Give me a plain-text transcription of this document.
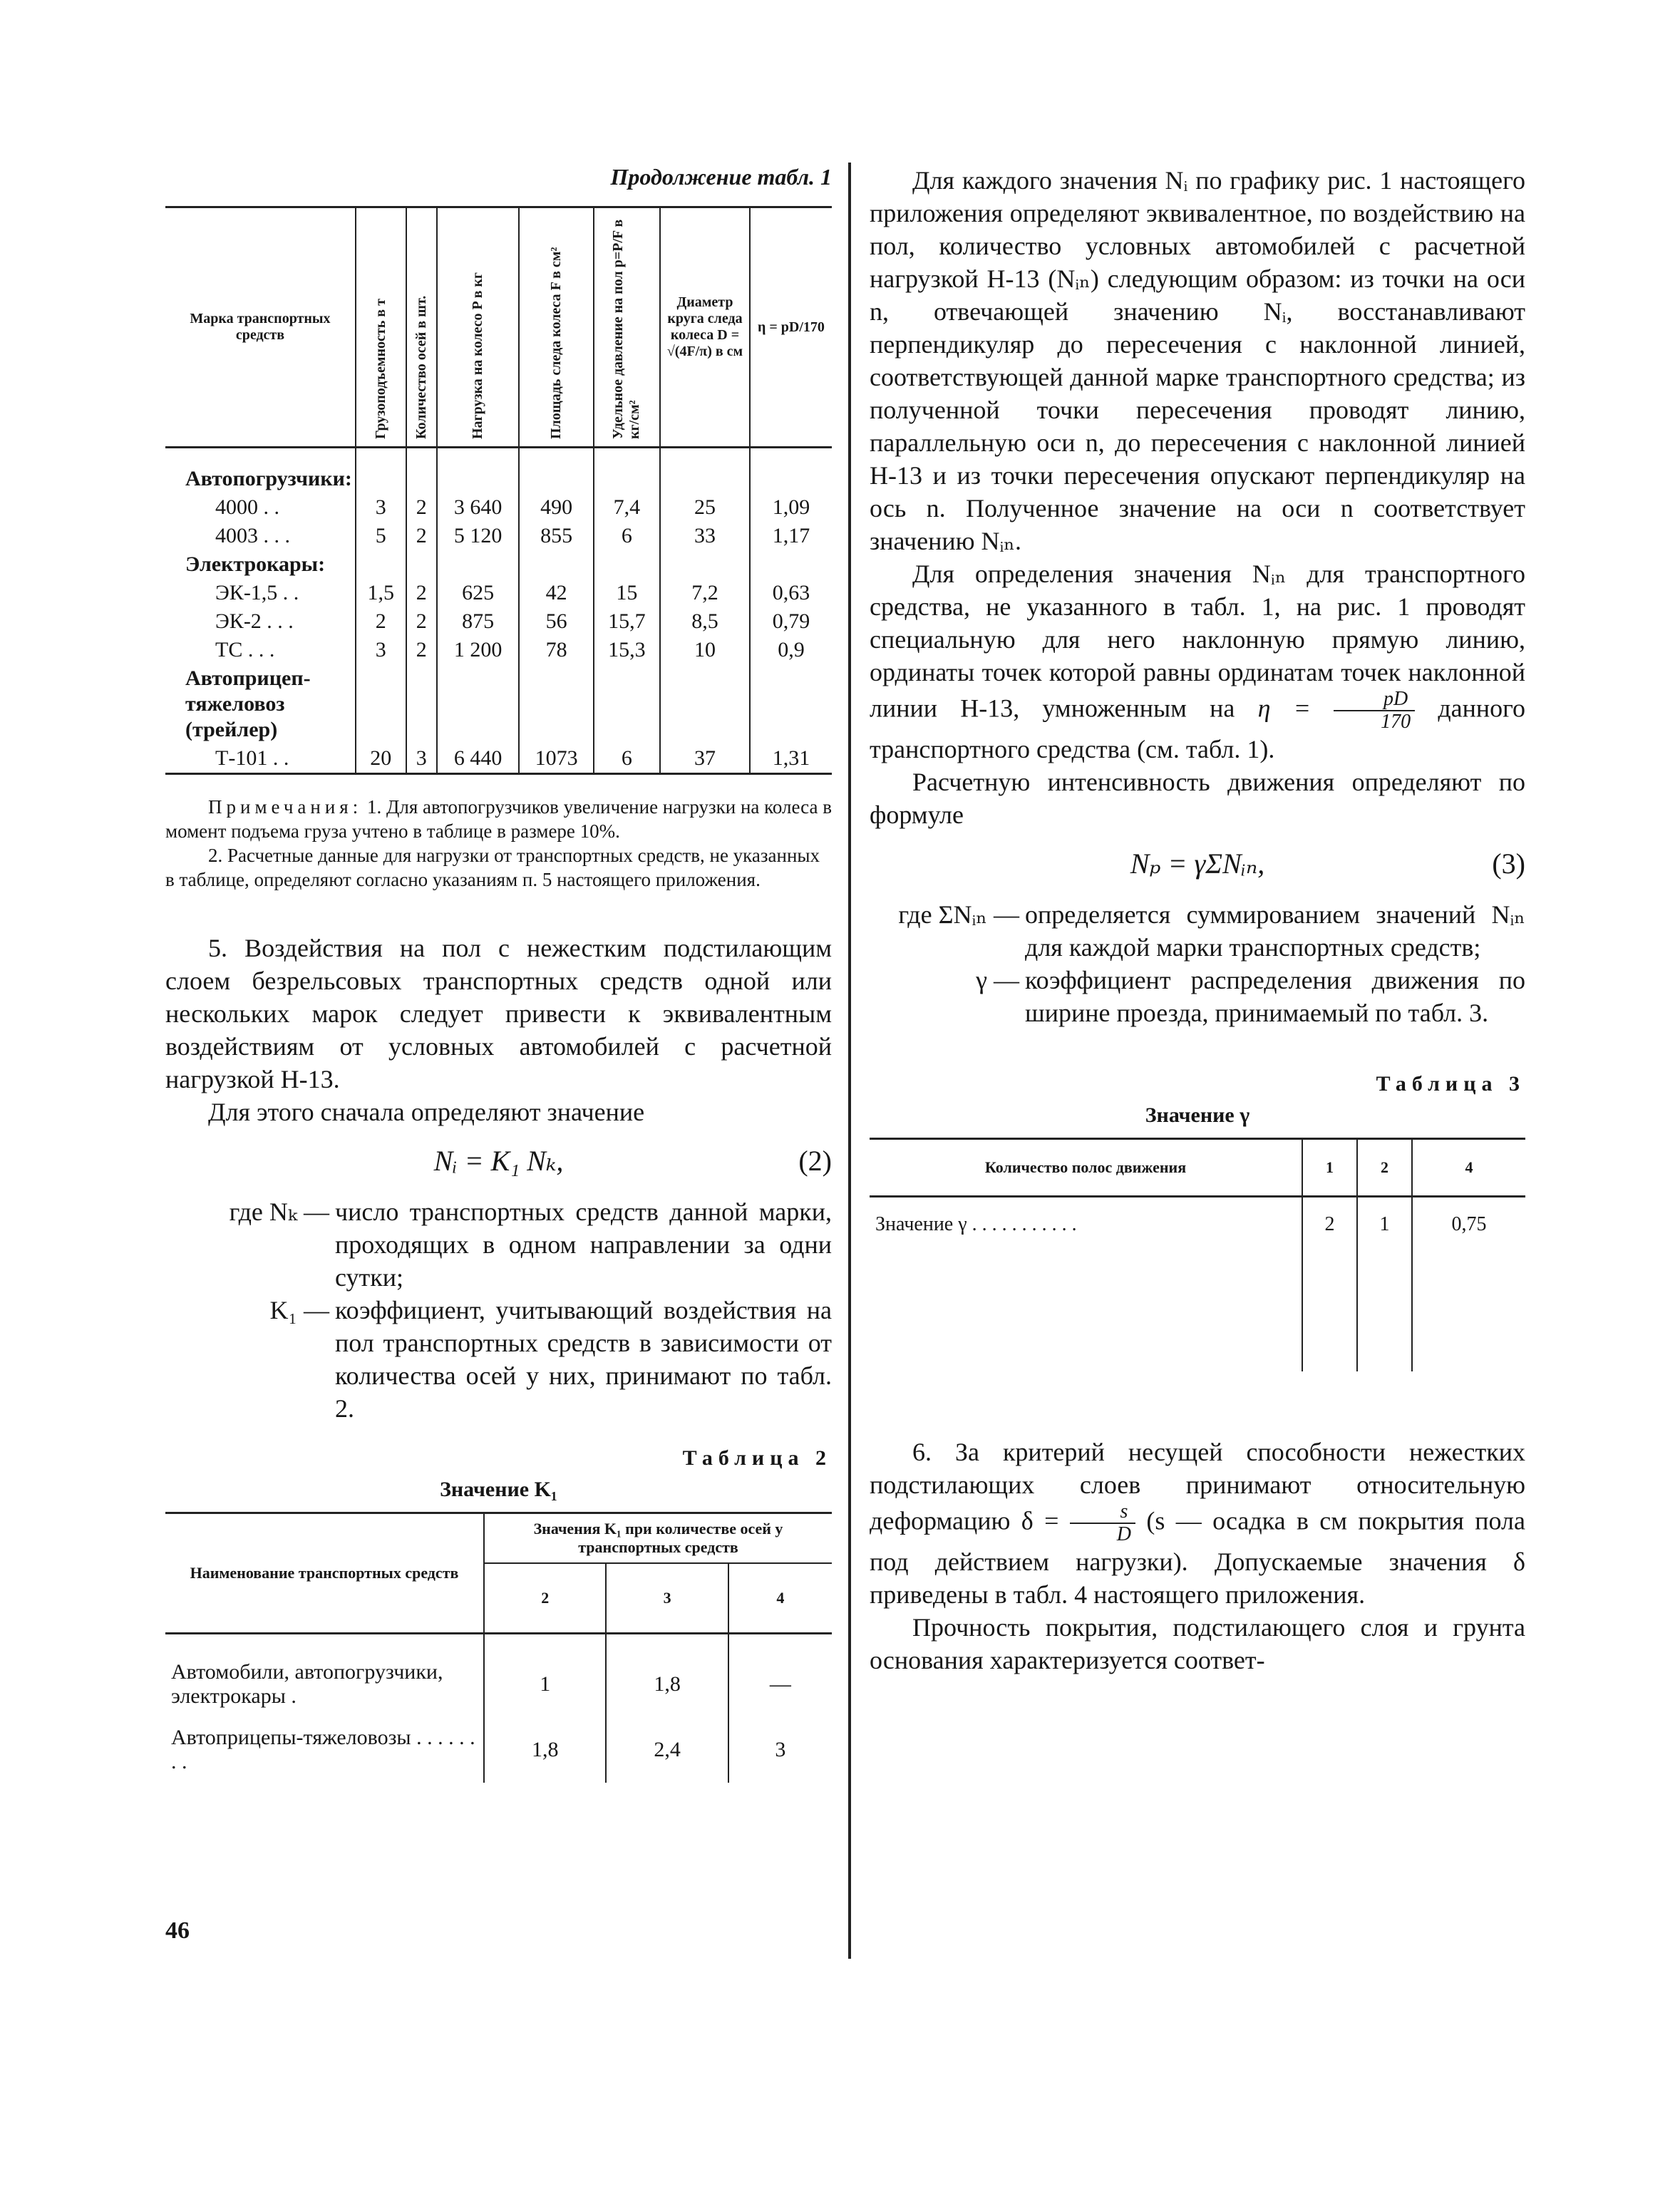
Продолжение табл. 1
Марка транспортных средств	Грузоподъемность в т	Количество осей в шт.	Нагрузка на колесо P в кг	Площадь следа колеса F в см²	Удельное давление на пол p=P/F в кг/см²	Диаметр круга следа колеса D = √(4F/π) в см	η = pD/170

Автопогрузчики:							
4000 . .	3	2	3 640	490	7,4	25	1,09
4003 . . .	5	2	5 120	855	6	33	1,17
Электрокары:							
ЭК-1,5 . .	1,5	2	625	42	15	7,2	0,63
ЭК-2 . . .	2	2	875	56	15,7	8,5	0,79
ТС . . .	3	2	1 200	78	15,3	10	0,9
Автоприцеп-тяжеловоз (трейлер)							
Т-101 . .	20	3	6 440	1073	6	37	1,31
Примечания: 1. Для автопогрузчиков увеличение нагрузки на колеса в момент подъема груза учтено в таблице в размере 10%.
2. Расчетные данные для нагрузки от транспортных средств, не указанных в таблице, определяют согласно указаниям п. 5 настоящего приложения.

5. Воздействия на пол с нежестким подстилающим слоем безрельсовых транспортных средств одной или нескольких марок следует привести к эквивалентным воздействиям от условных автомобилей с расчетной нагрузкой Н-13.

Для этого сначала определяют значение

Nᵢ = K₁ Nₖ,	(2)
где Nₖ — число транспортных средств данной марки, проходящих в одном направлении за одни сутки;
K₁ — коэффициент, учитывающий воздействия на пол транспортных средств в зависимости от количества осей у них, принимают по табл. 2.
Таблица 2
Значение K₁
Наименование транспортных средств	Значения K₁ при количестве осей у транспортных средств		
	2	3	4

Автомобили, автопогрузчики, электрокары .	1	1,8	—
Автоприцепы-тяжеловозы . . . . . . . .	1,8	2,4	3

Для каждого значения Nᵢ по графику рис. 1 настоящего приложения определяют эквивалентное, по воздействию на пол, количество условных автомобилей с расчетной нагрузкой Н-13 (Nᵢₙ) следующим образом: из точки на оси n, отвечающей значению Nᵢ, восстанавливают перпендикуляр до пересечения с наклонной линией, соответствующей данной марке транспортного средства; из полученной точки пересечения проводят линию, параллельную оси n, до пересечения с наклонной линией Н-13 и из точки пересечения опускают перпендикуляр на ось n. Полученное значение на оси n соответствует значению Nᵢₙ.

Для определения значения Nᵢₙ для транспортного средства, не указанного в табл. 1, на рис. 1 проводят специальную для него наклонную прямую линию, ординаты точек которой равны ординатам точек наклонной линии Н-13, умноженным на $\eta = \frac{pD}{170}$ данного транспортного средства (см. табл. 1).

Расчетную интенсивность движения определяют по формуле

Nₚ = γΣNᵢₙ,	(3)
где ΣNᵢₙ — определяется суммированием значений Nᵢₙ для каждой марки транспортных средств;
γ — коэффициент распределения движения по ширине проезда, принимаемый по табл. 3.
Таблица 3
Значение γ
Количество полос движения	1	2	4
Значение γ . . . . . . . . . . .	2	1	0,75

6. За критерий несущей способности нежестких подстилающих слоев принимают относительную деформацию $\delta = \frac{s}{D} (s$ — осадка в см покрытия пола под действием нагрузки). Допускаемые значения δ приведены в табл. 4 настоящего приложения.

Прочность покрытия, подстилающего слоя и грунта основания характеризуется соответ-

46
